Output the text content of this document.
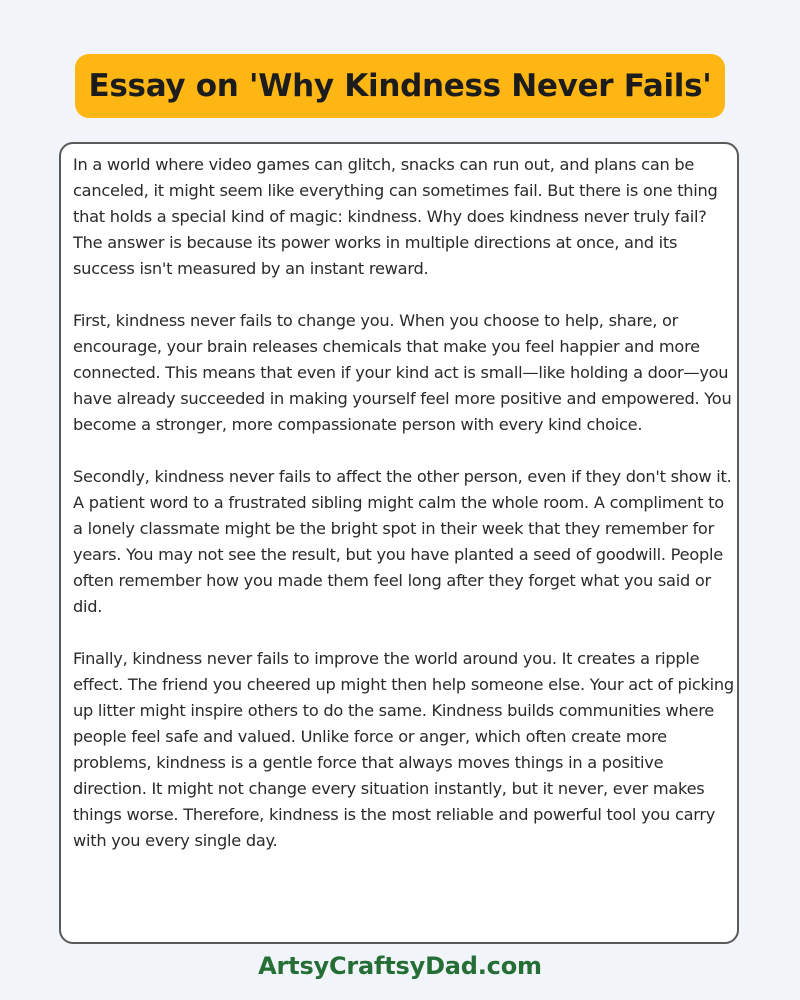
Essay on 'Why Kindness Never Fails'

In a world where video games can glitch, snacks can run out, and plans can be canceled, it might seem like everything can sometimes fail. But there is one thing that holds a special kind of magic: kindness. Why does kindness never truly fail? The answer is because its power works in multiple directions at once, and its success isn't measured by an instant reward.

First, kindness never fails to change you. When you choose to help, share, or encourage, your brain releases chemicals that make you feel happier and more connected. This means that even if your kind act is small—like holding a door—you have already succeeded in making yourself feel more positive and empowered. You become a stronger, more compassionate person with every kind choice.

Secondly, kindness never fails to affect the other person, even if they don't show it. A patient word to a frustrated sibling might calm the whole room. A compliment to a lonely classmate might be the bright spot in their week that they remember for years. You may not see the result, but you have planted a seed of goodwill. People often remember how you made them feel long after they forget what you said or did.

Finally, kindness never fails to improve the world around you. It creates a ripple effect. The friend you cheered up might then help someone else. Your act of picking up litter might inspire others to do the same. Kindness builds communities where people feel safe and valued. Unlike force or anger, which often create more problems, kindness is a gentle force that always moves things in a positive direction. It might not change every situation instantly, but it never, ever makes things worse. Therefore, kindness is the most reliable and powerful tool you carry with you every single day.

ArtsyCraftsyDad.com
